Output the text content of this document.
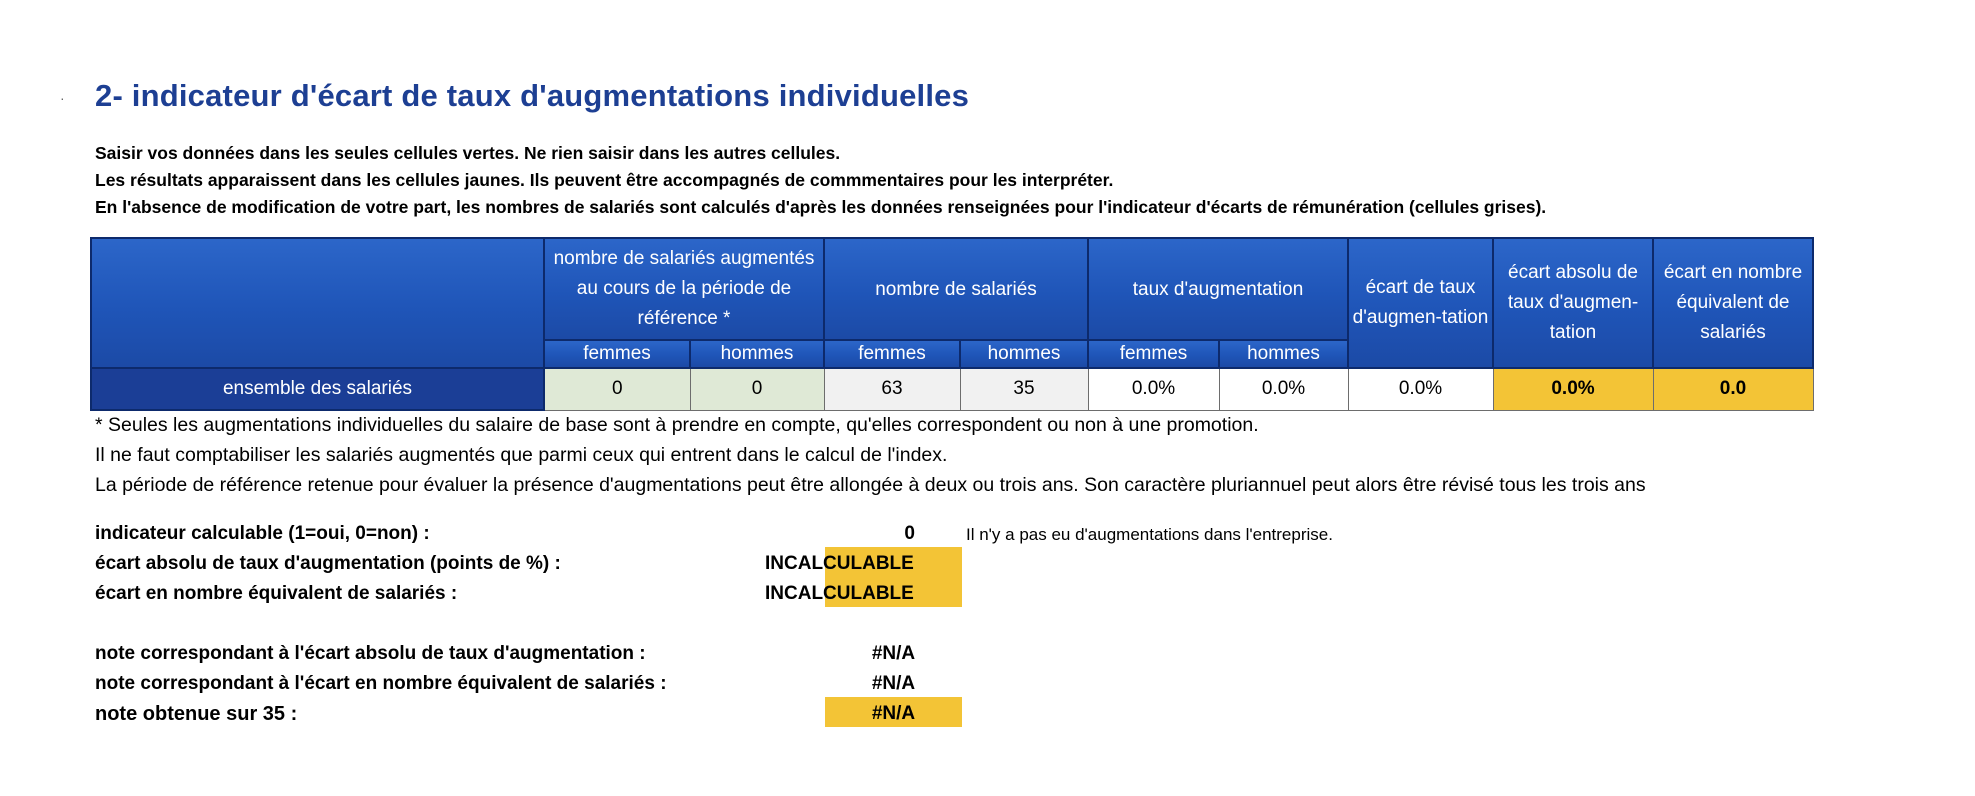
· 2- indicateur d'écart de taux d'augmentations individuelles
Saisir vos données dans les seules cellules vertes. Ne rien saisir dans les autres cellules.
Les résultats apparaissent dans les cellules jaunes. Ils peuvent être accompagnés de commmentaires pour les interpréter.
En l'absence de modification de votre part, les nombres de salariés sont calculés d'après les données renseignées pour l'indicateur d'écarts de rémunération (cellules grises).
	nombre de salariés augmentés au cours de la période de référence *		nombre de salariés		taux d'augmentation		écart de taux d'augmen-tation	écart absolu de taux d'augmen-tation	écart en nombre équivalent de salariés
	femmes	hommes	femmes	hommes	femmes	hommes			
ensemble des salariés	0	0	63	35	0.0%	0.0%	0.0%	0.0%	0.0
* Seules les augmentations individuelles du salaire de base sont à prendre en compte, qu'elles correspondent ou non à une promotion.
Il ne faut comptabiliser les salariés augmentés que parmi ceux qui entrent dans le calcul de l'index.
La période de référence retenue pour évaluer la présence d'augmentations peut être allongée à deux ou trois ans. Son caractère pluriannuel peut alors être révisé tous les trois ans
indicateur calculable (1=oui, 0=non) :	0	Il n'y a pas eu d'augmentations dans l'entreprise.
écart absolu de taux d'augmentation (points de %) :	INCALCULABLE
écart en nombre équivalent de salariés :	INCALCULABLE
note correspondant à l'écart absolu de taux d'augmentation :	#N/A
note correspondant à l'écart en nombre équivalent de salariés :	#N/A
note obtenue sur 35 :	#N/A
